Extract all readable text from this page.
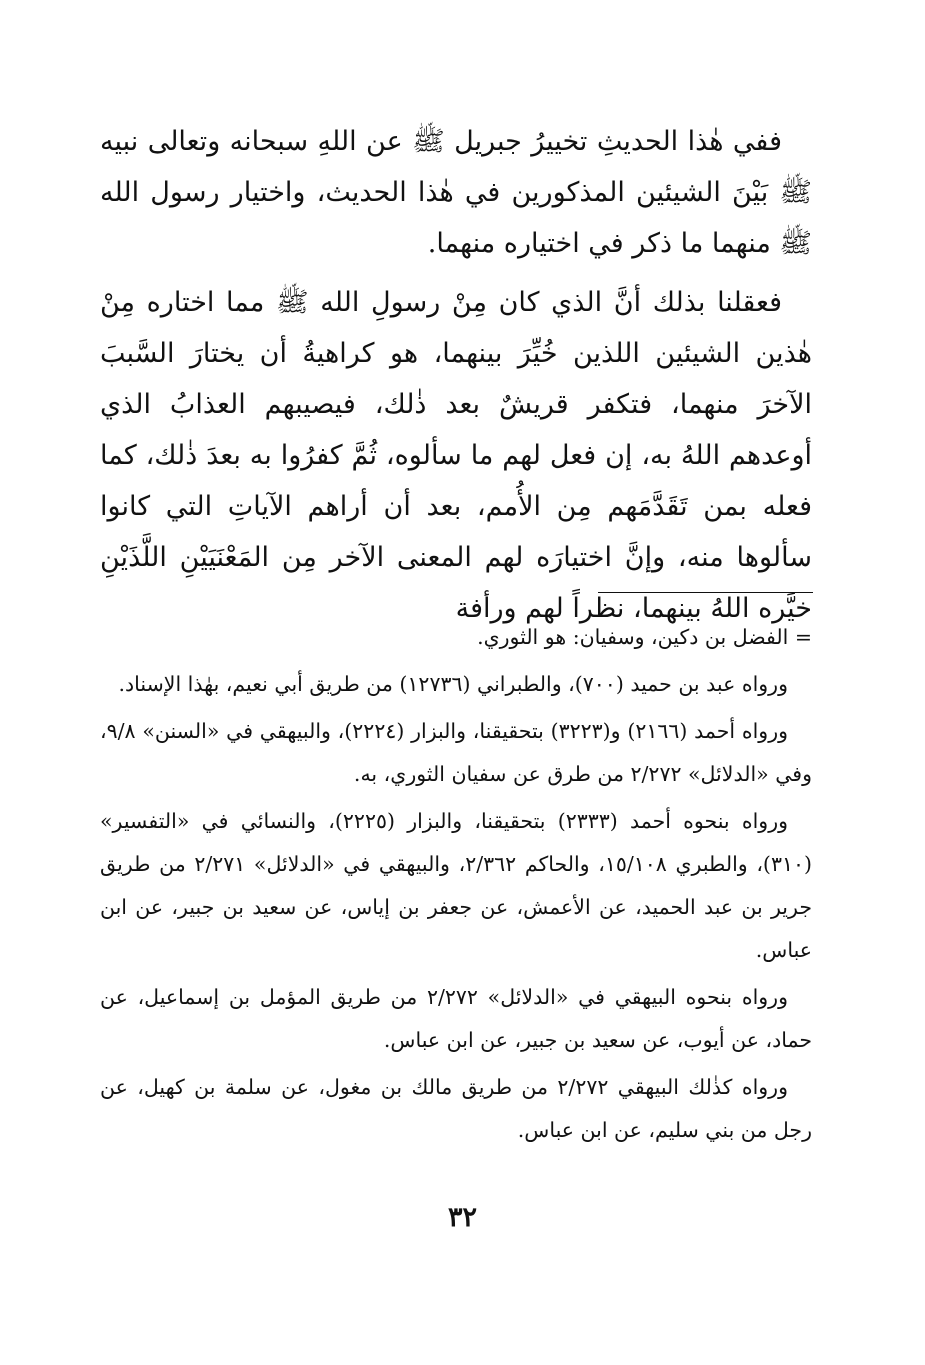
ففي هٰذا الحديثِ تخييرُ جبريل ﷺ عن اللهِ سبحانه وتعالى نبيه ﷺ بَيْنَ الشيئين المذكورين في هٰذا الحديث، واختيار رسول الله ﷺ منهما ما ذكر في اختياره منهما.

فعقلنا بذلك أنَّ الذي كان مِنْ رسولِ الله ﷺ مما اختاره مِنْ هٰذين الشيئين اللذين خُيِّرَ بينهما، هو كراهيةُ أن يختارَ السَّببَ الآخرَ منهما، فتكفر قريشٌ بعد ذٰلك، فيصيبهم العذابُ الذي أوعدهم اللهُ به، إن فعل لهم ما سألوه، ثُمَّ كفرُوا به بعدَ ذٰلك، كما فعله بمن تَقَدَّمَهم مِن الأُمم، بعد أن أراهم الآياتِ التي كانوا سألوها منه، وإنَّ اختيارَه لهم المعنى الآخر مِن المَعْنَيَيْنِ اللَّذَيْنِ خيَّره اللهُ بينهما، نظراً لهم ورأفة

= الفضل بن دكين، وسفيان: هو الثوري.

ورواه عبد بن حميد (٧٠٠)، والطبراني (١٢٧٣٦) من طريق أبي نعيم، بهٰذا الإسناد.

ورواه أحمد (٢١٦٦) و(٣٢٢٣) بتحقيقنا، والبزار (٢٢٢٤)، والبيهقي في «السنن» ٩/٨، وفي «الدلائل» ٢/٢٧٢ من طرق عن سفيان الثوري، به.

ورواه بنحوه أحمد (٢٣٣٣) بتحقيقنا، والبزار (٢٢٢٥)، والنسائي في «التفسير» (٣١٠)، والطبري ١٥/١٠٨، والحاكم ٢/٣٦٢، والبيهقي في «الدلائل» ٢/٢٧١ من طريق جرير بن عبد الحميد، عن الأعمش، عن جعفر بن إياس، عن سعيد بن جبير، عن ابن عباس.

ورواه بنحوه البيهقي في «الدلائل» ٢/٢٧٢ من طريق المؤمل بن إسماعيل، عن حماد، عن أيوب، عن سعيد بن جبير، عن ابن عباس.

ورواه كذٰلك البيهقي ٢/٢٧٢ من طريق مالك بن مغول، عن سلمة بن كهيل، عن رجل من بني سليم، عن ابن عباس.

٣٢
